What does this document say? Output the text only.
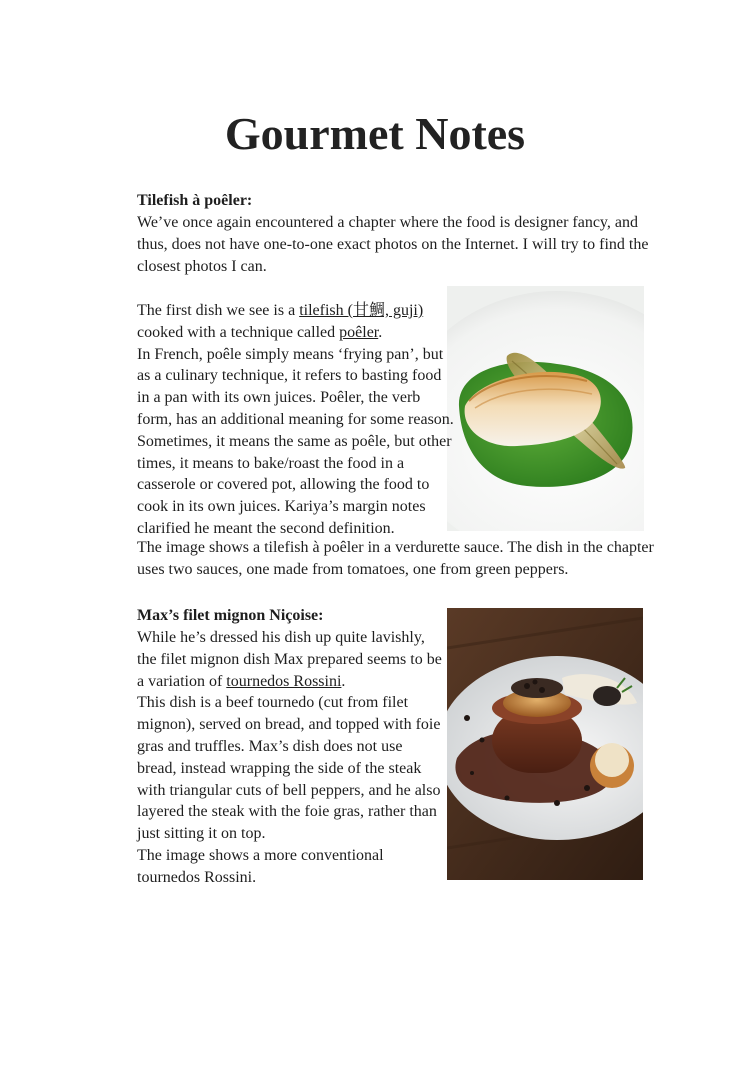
Gourmet Notes
Tilefish à poêler:
We’ve once again encountered a chapter where the food is designer fancy, and thus, does not have one-to-one exact photos on the Internet. I will try to find the closest photos I can.
The first dish we see is a tilefish (甘鯛, guji) cooked with a technique called poêler.
In French, poêle simply means ‘frying pan’, but as a culinary technique, it refers to basting food in a pan with its own juices. Poêler, the verb form, has an additional meaning for some reason. Sometimes, it means the same as poêle, but other times, it means to bake/roast the food in a casserole or covered pot, allowing the food to cook in its own juices. Kariya’s margin notes clarified he meant the second definition.
The image shows a tilefish à poêler in a verdurette sauce. The dish in the chapter uses two sauces, one made from tomatoes, one from green peppers.
Max’s filet mignon Niçoise:
While he’s dressed his dish up quite lavishly, the filet mignon dish Max prepared seems to be a variation of tournedos Rossini.
This dish is a beef tournedo (cut from filet mignon), served on bread, and topped with foie gras and truffles. Max’s dish does not use bread, instead wrapping the side of the steak with triangular cuts of bell peppers, and he also layered the steak with the foie gras, rather than just sitting it on top.
The image shows a more conventional tournedos Rossini.
